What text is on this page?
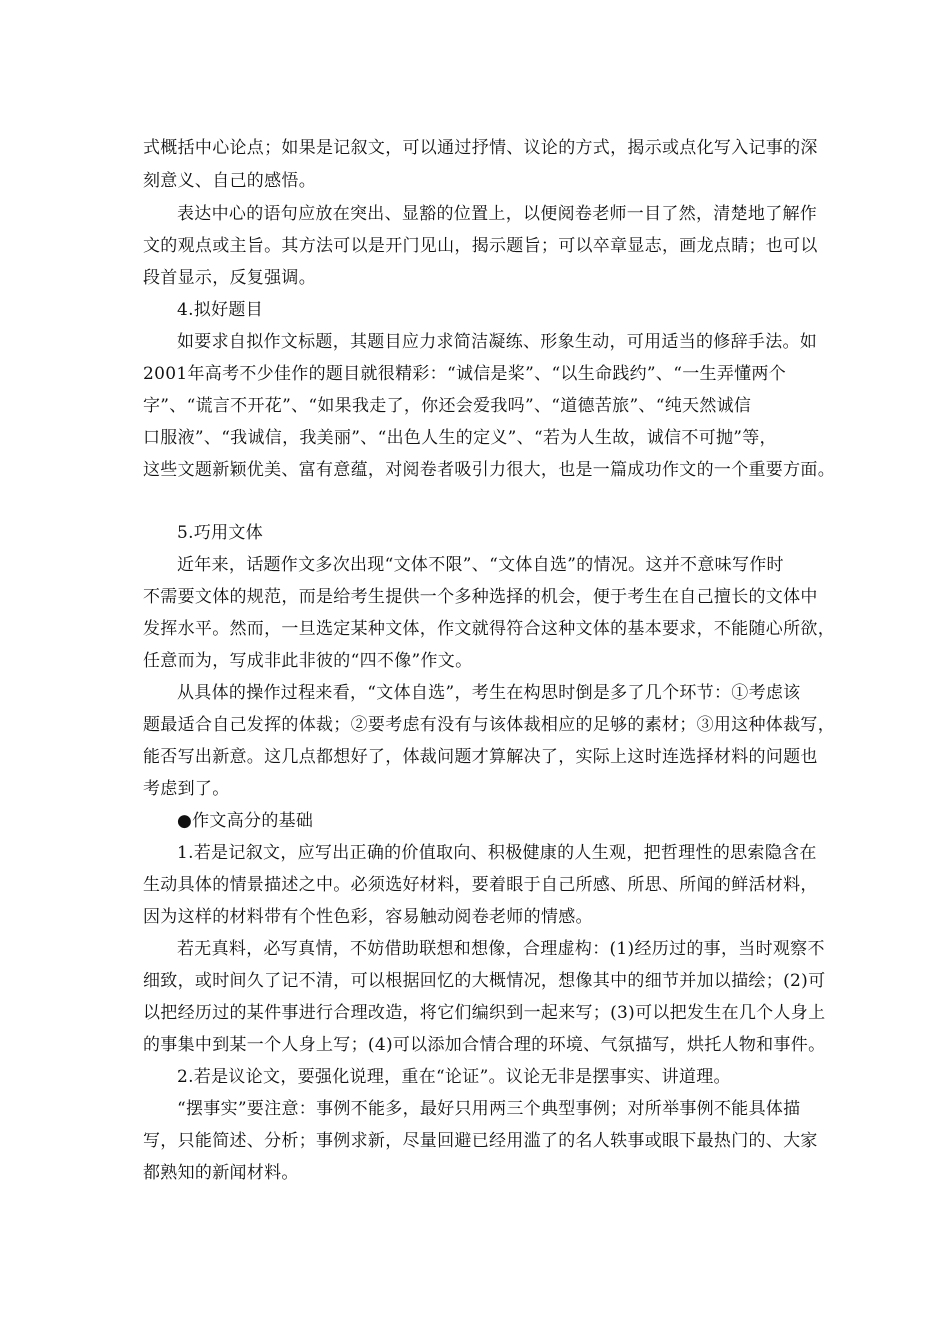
式概括中心论点；如果是记叙文，可以通过抒情、议论的方式，揭示或点化写入记事的深
刻意义、自己的感悟。
表达中心的语句应放在突出、显豁的位置上，以便阅卷老师一目了然，清楚地了解作
文的观点或主旨。其方法可以是开门见山，揭示题旨；可以卒章显志，画龙点睛；也可以
段首显示，反复强调。
4.拟好题目
如要求自拟作文标题，其题目应力求简洁凝练、形象生动，可用适当的修辞手法。如
2001年高考不少佳作的题目就很精彩：“诚信是桨”、“以生命践约”、“一生弄懂两个
字”、“谎言不开花”、“如果我走了，你还会爱我吗”、“道德苦旅”、“纯天然诚信
口服液”、“我诚信，我美丽”、“出色人生的定义”、“若为人生故，诚信不可抛”等，
这些文题新颖优美、富有意蕴，对阅卷者吸引力很大，也是一篇成功作文的一个重要方面。
5.巧用文体
近年来，话题作文多次出现“文体不限”、“文体自选”的情况。这并不意味写作时
不需要文体的规范，而是给考生提供一个多种选择的机会，便于考生在自己擅长的文体中
发挥水平。然而，一旦选定某种文体，作文就得符合这种文体的基本要求，不能随心所欲，
任意而为，写成非此非彼的“四不像”作文。
从具体的操作过程来看，“文体自选”，考生在构思时倒是多了几个环节：①考虑该
题最适合自己发挥的体裁；②要考虑有没有与该体裁相应的足够的素材；③用这种体裁写，
能否写出新意。这几点都想好了，体裁问题才算解决了，实际上这时连选择材料的问题也
考虑到了。
●作文高分的基础
1.若是记叙文，应写出正确的价值取向、积极健康的人生观，把哲理性的思索隐含在
生动具体的情景描述之中。必须选好材料，要着眼于自己所感、所思、所闻的鲜活材料，
因为这样的材料带有个性色彩，容易触动阅卷老师的情感。
若无真料，必写真情，不妨借助联想和想像，合理虚构：(1)经历过的事，当时观察不
细致，或时间久了记不清，可以根据回忆的大概情况，想像其中的细节并加以描绘；(2)可
以把经历过的某件事进行合理改造，将它们编织到一起来写；(3)可以把发生在几个人身上
的事集中到某一个人身上写；(4)可以添加合情合理的环境、气氛描写，烘托人物和事件。
2.若是议论文，要强化说理，重在“论证”。议论无非是摆事实、讲道理。
“摆事实”要注意：事例不能多，最好只用两三个典型事例；对所举事例不能具体描
写，只能简述、分析；事例求新，尽量回避已经用滥了的名人轶事或眼下最热门的、大家
都熟知的新闻材料。
